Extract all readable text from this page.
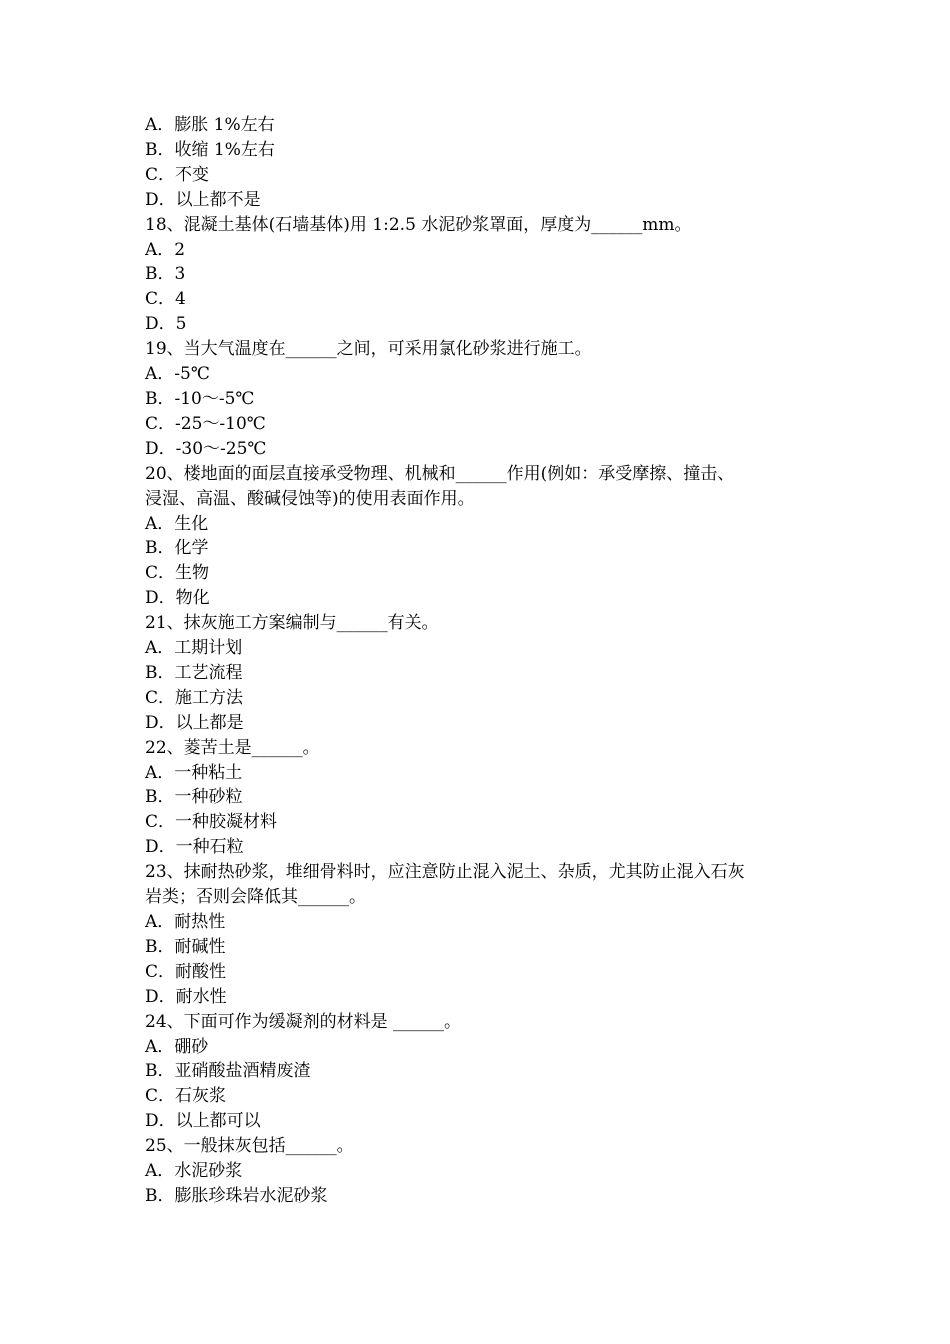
A．膨胀 1%左右
B．收缩 1%左右
C．不变
D．以上都不是
18、混凝土基体(石墙基体)用 1:2.5 水泥砂浆罩面，厚度为______mm。
A．2
B．3
C．4
D．5
19、当大气温度在______之间，可采用氯化砂浆进行施工。
A．-5℃
B．-10～-5℃
C．-25～-10℃
D．-30～-25℃
20、楼地面的面层直接承受物理、机械和______作用(例如：承受摩擦、撞击、
浸湿、高温、酸碱侵蚀等)的使用表面作用。
A．生化
B．化学
C．生物
D．物化
21、抹灰施工方案编制与______有关。
A．工期计划
B．工艺流程
C．施工方法
D．以上都是
22、菱苦土是______。
A．一种粘土
B．一种砂粒
C．一种胶凝材料
D．一种石粒
23、抹耐热砂浆，堆细骨料时，应注意防止混入泥土、杂质，尤其防止混入石灰
岩类；否则会降低其______。
A．耐热性
B．耐碱性
C．耐酸性
D．耐水性
24、下面可作为缓凝剂的材料是 ______。
A．硼砂
B．亚硝酸盐酒精废渣
C．石灰浆
D．以上都可以
25、一般抹灰包括______。
A．水泥砂浆
B．膨胀珍珠岩水泥砂浆
